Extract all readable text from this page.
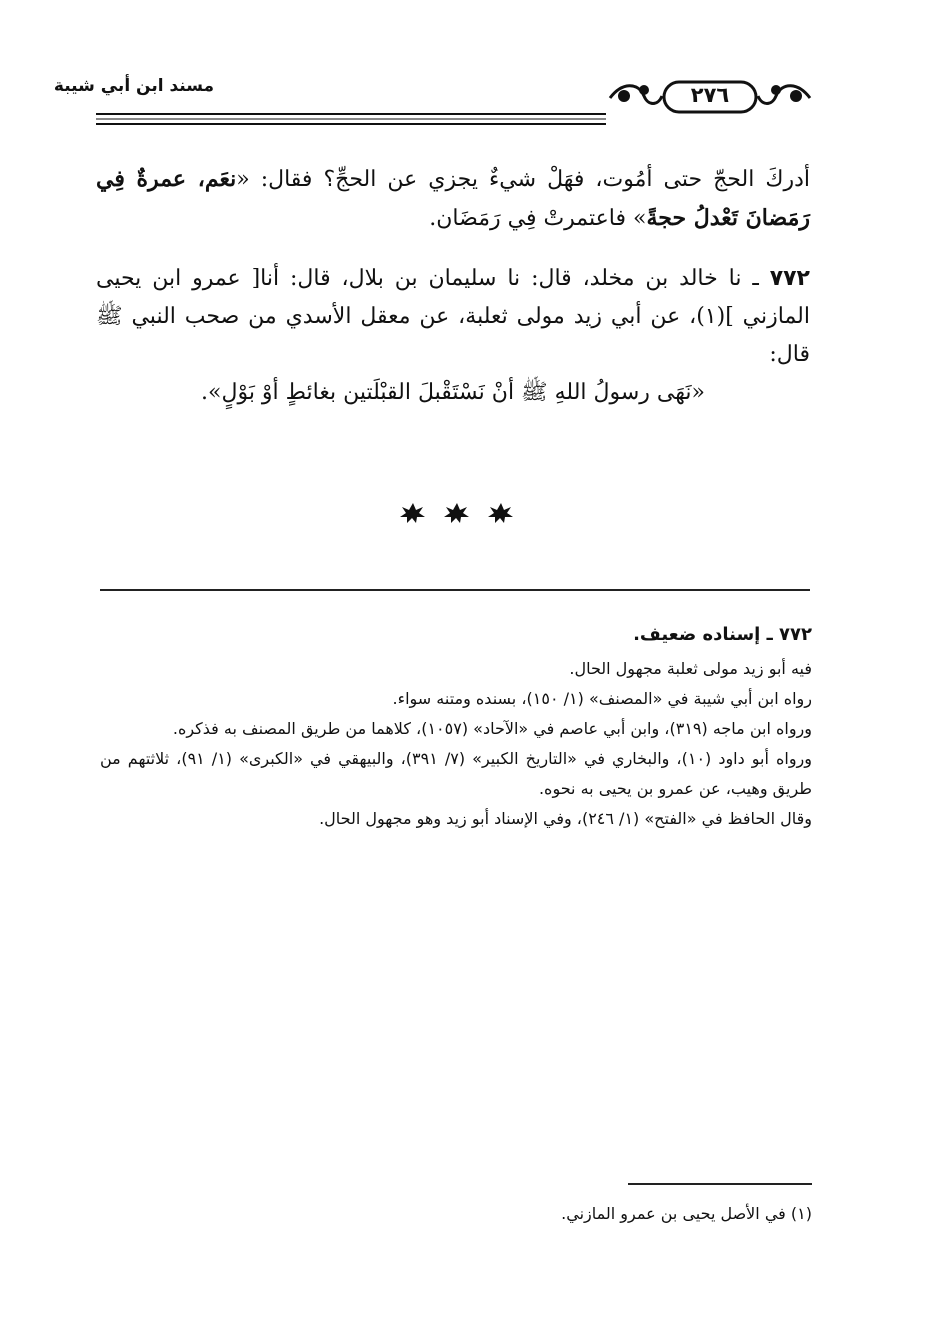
مسند ابن أبي شيبة	٢٧٦

أدركَ الحجّ حتى أمُوت، فهَلْ شيءٌ يجزي عن الحجِّ؟ فقال: «نعَم، عمرةٌ فِي رَمَضانَ تَعْدلُ حجةً» فاعتمرتْ فِي رَمَضَان.

٧٧٢ ـ نا خالد بن مخلد، قال: نا سليمان بن بلال، قال: أنا[ عمرو ابن يحيى المازني ](١)، عن أبي زيد مولى ثعلبة، عن معقل الأسدي من صحب النبي ﷺ قال:

«نَهَى رسولُ اللهِ ﷺ أنْ نَسْتَقْبلَ القبْلَتين بغائطٍ أوْ بَوْلٍ».

٧٧٢ ـ إسناده ضعيف.

فيه أبو زيد مولى ثعلبة مجهول الحال.

رواه ابن أبي شيبة في «المصنف» (١/ ١٥٠)، بسنده ومتنه سواء.

ورواه ابن ماجه (٣١٩)، وابن أبي عاصم في «الآحاد» (١٠٥٧)، كلاهما من طريق المصنف به فذكره.

ورواه أبو داود (١٠)، والبخاري في «التاريخ الكبير» (٧/ ٣٩١)، والبيهقي في «الكبرى» (١/ ٩١)، ثلاثتهم من طريق وهيب، عن عمرو بن يحيى به نحوه.

وقال الحافظ في «الفتح» (١/ ٢٤٦)، وفي الإسناد أبو زيد وهو مجهول الحال.

(١) في الأصل يحيى بن عمرو المازني.
